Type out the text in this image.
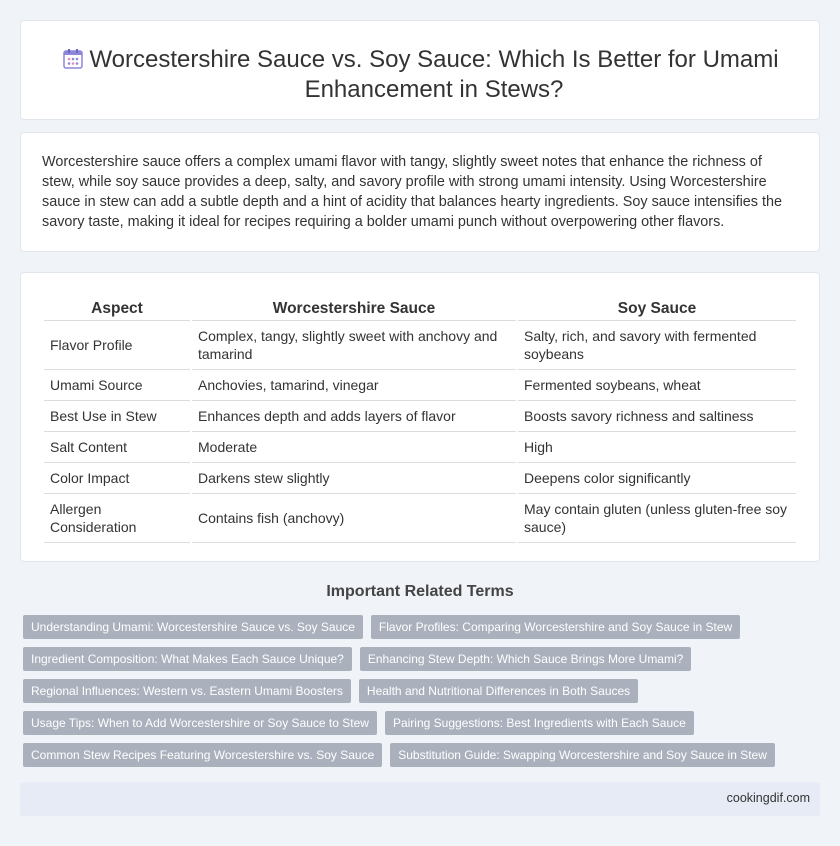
Worcestershire Sauce vs. Soy Sauce: Which Is Better for Umami Enhancement in Stews?

Worcestershire sauce offers a complex umami flavor with tangy, slightly sweet notes that enhance the richness of stew, while soy sauce provides a deep, salty, and savory profile with strong umami intensity. Using Worcestershire sauce in stew can add a subtle depth and a hint of acidity that balances hearty ingredients. Soy sauce intensifies the savory taste, making it ideal for recipes requiring a bolder umami punch without overpowering other flavors.

Aspect	Worcestershire Sauce	Soy Sauce
Flavor Profile	Complex, tangy, slightly sweet with anchovy and tamarind	Salty, rich, and savory with fermented soybeans
Umami Source	Anchovies, tamarind, vinegar	Fermented soybeans, wheat
Best Use in Stew	Enhances depth and adds layers of flavor	Boosts savory richness and saltiness
Salt Content	Moderate	High
Color Impact	Darkens stew slightly	Deepens color significantly
Allergen Consideration	Contains fish (anchovy)	May contain gluten (unless gluten-free soy sauce)
Important Related Terms
Understanding Umami: Worcestershire Sauce vs. Soy Sauce	Flavor Profiles: Comparing Worcestershire and Soy Sauce in Stew
Ingredient Composition: What Makes Each Sauce Unique?	Enhancing Stew Depth: Which Sauce Brings More Umami?
Regional Influences: Western vs. Eastern Umami Boosters	Health and Nutritional Differences in Both Sauces
Usage Tips: When to Add Worcestershire or Soy Sauce to Stew	Pairing Suggestions: Best Ingredients with Each Sauce
Common Stew Recipes Featuring Worcestershire vs. Soy Sauce	Substitution Guide: Swapping Worcestershire and Soy Sauce in Stew
cookingdif.com
